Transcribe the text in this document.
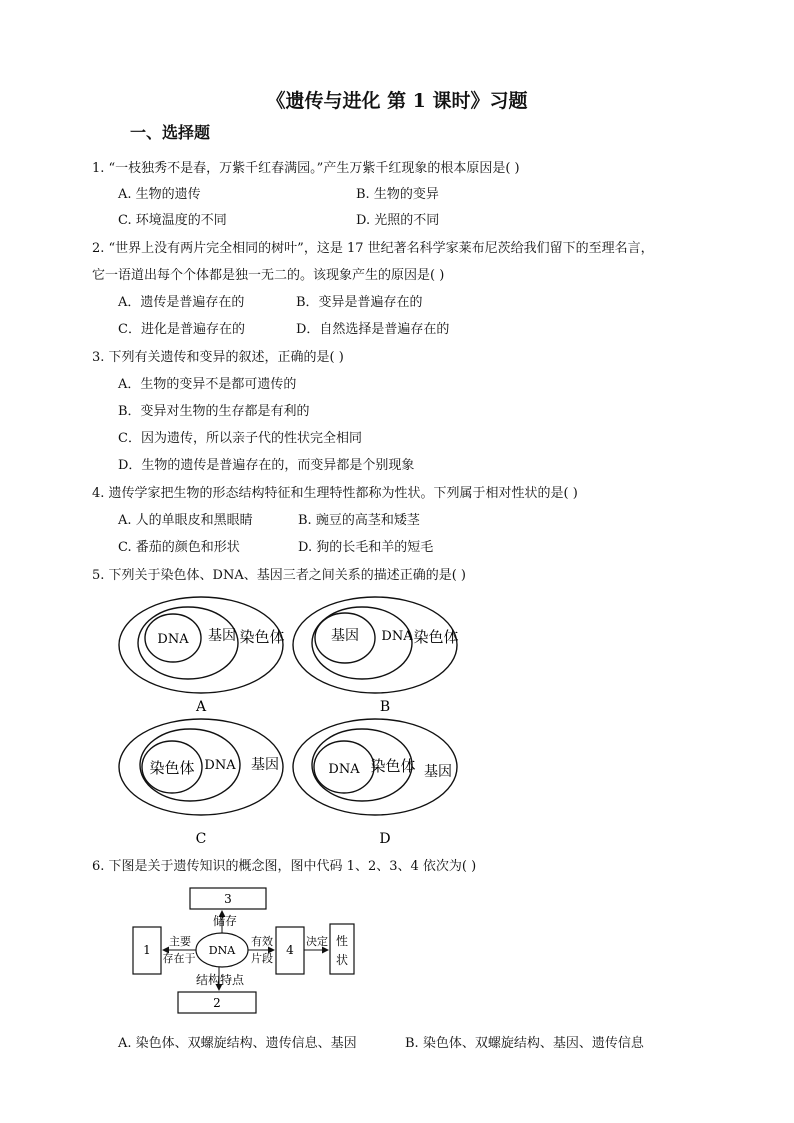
《遗传与进化 第 1 课时》习题
一、选择题
1. “一枝独秀不是春，万紫千红春满园。”产生万紫千红现象的根本原因是( )
A. 生物的遗传	B. 生物的变异
C. 环境温度的不同	D. 光照的不同
2. “世界上没有两片完全相同的树叶”，这是 17 世纪著名科学家莱布尼茨给我们留下的至理名言，
它一语道出每个个体都是独一无二的。该现象产生的原因是( )
A．遗传是普遍存在的	B．变异是普遍存在的
C．进化是普遍存在的	D．自然选择是普遍存在的
3. 下列有关遗传和变异的叙述，正确的是( )
A．生物的变异不是都可遗传的
B．变异对生物的生存都是有利的
C．因为遗传，所以亲子代的性状完全相同
D．生物的遗传是普遍存在的，而变异都是个别现象
4. 遗传学家把生物的形态结构特征和生理特性都称为性状。下列属于相对性状的是( )
A. 人的单眼皮和黑眼睛	B. 豌豆的高茎和矮茎
C. 番茄的颜色和形状	D. 狗的长毛和羊的短毛
5. 下列关于染色体、DNA、基因三者之间关系的描述正确的是( )
DNA 基因 染色体
A
基因 DNA 染色体
B
染色体 DNA 基因
C
DNA 染色体 基因
D
3
1	4
性
状
2
DNA
储存
主要
存在于
有效
片段
决定
结构特点
6. 下图是关于遗传知识的概念图，图中代码 1、2、3、4 依次为( )
A. 染色体、双螺旋结构、遗传信息、基因	B. 染色体、双螺旋结构、基因、遗传信息
